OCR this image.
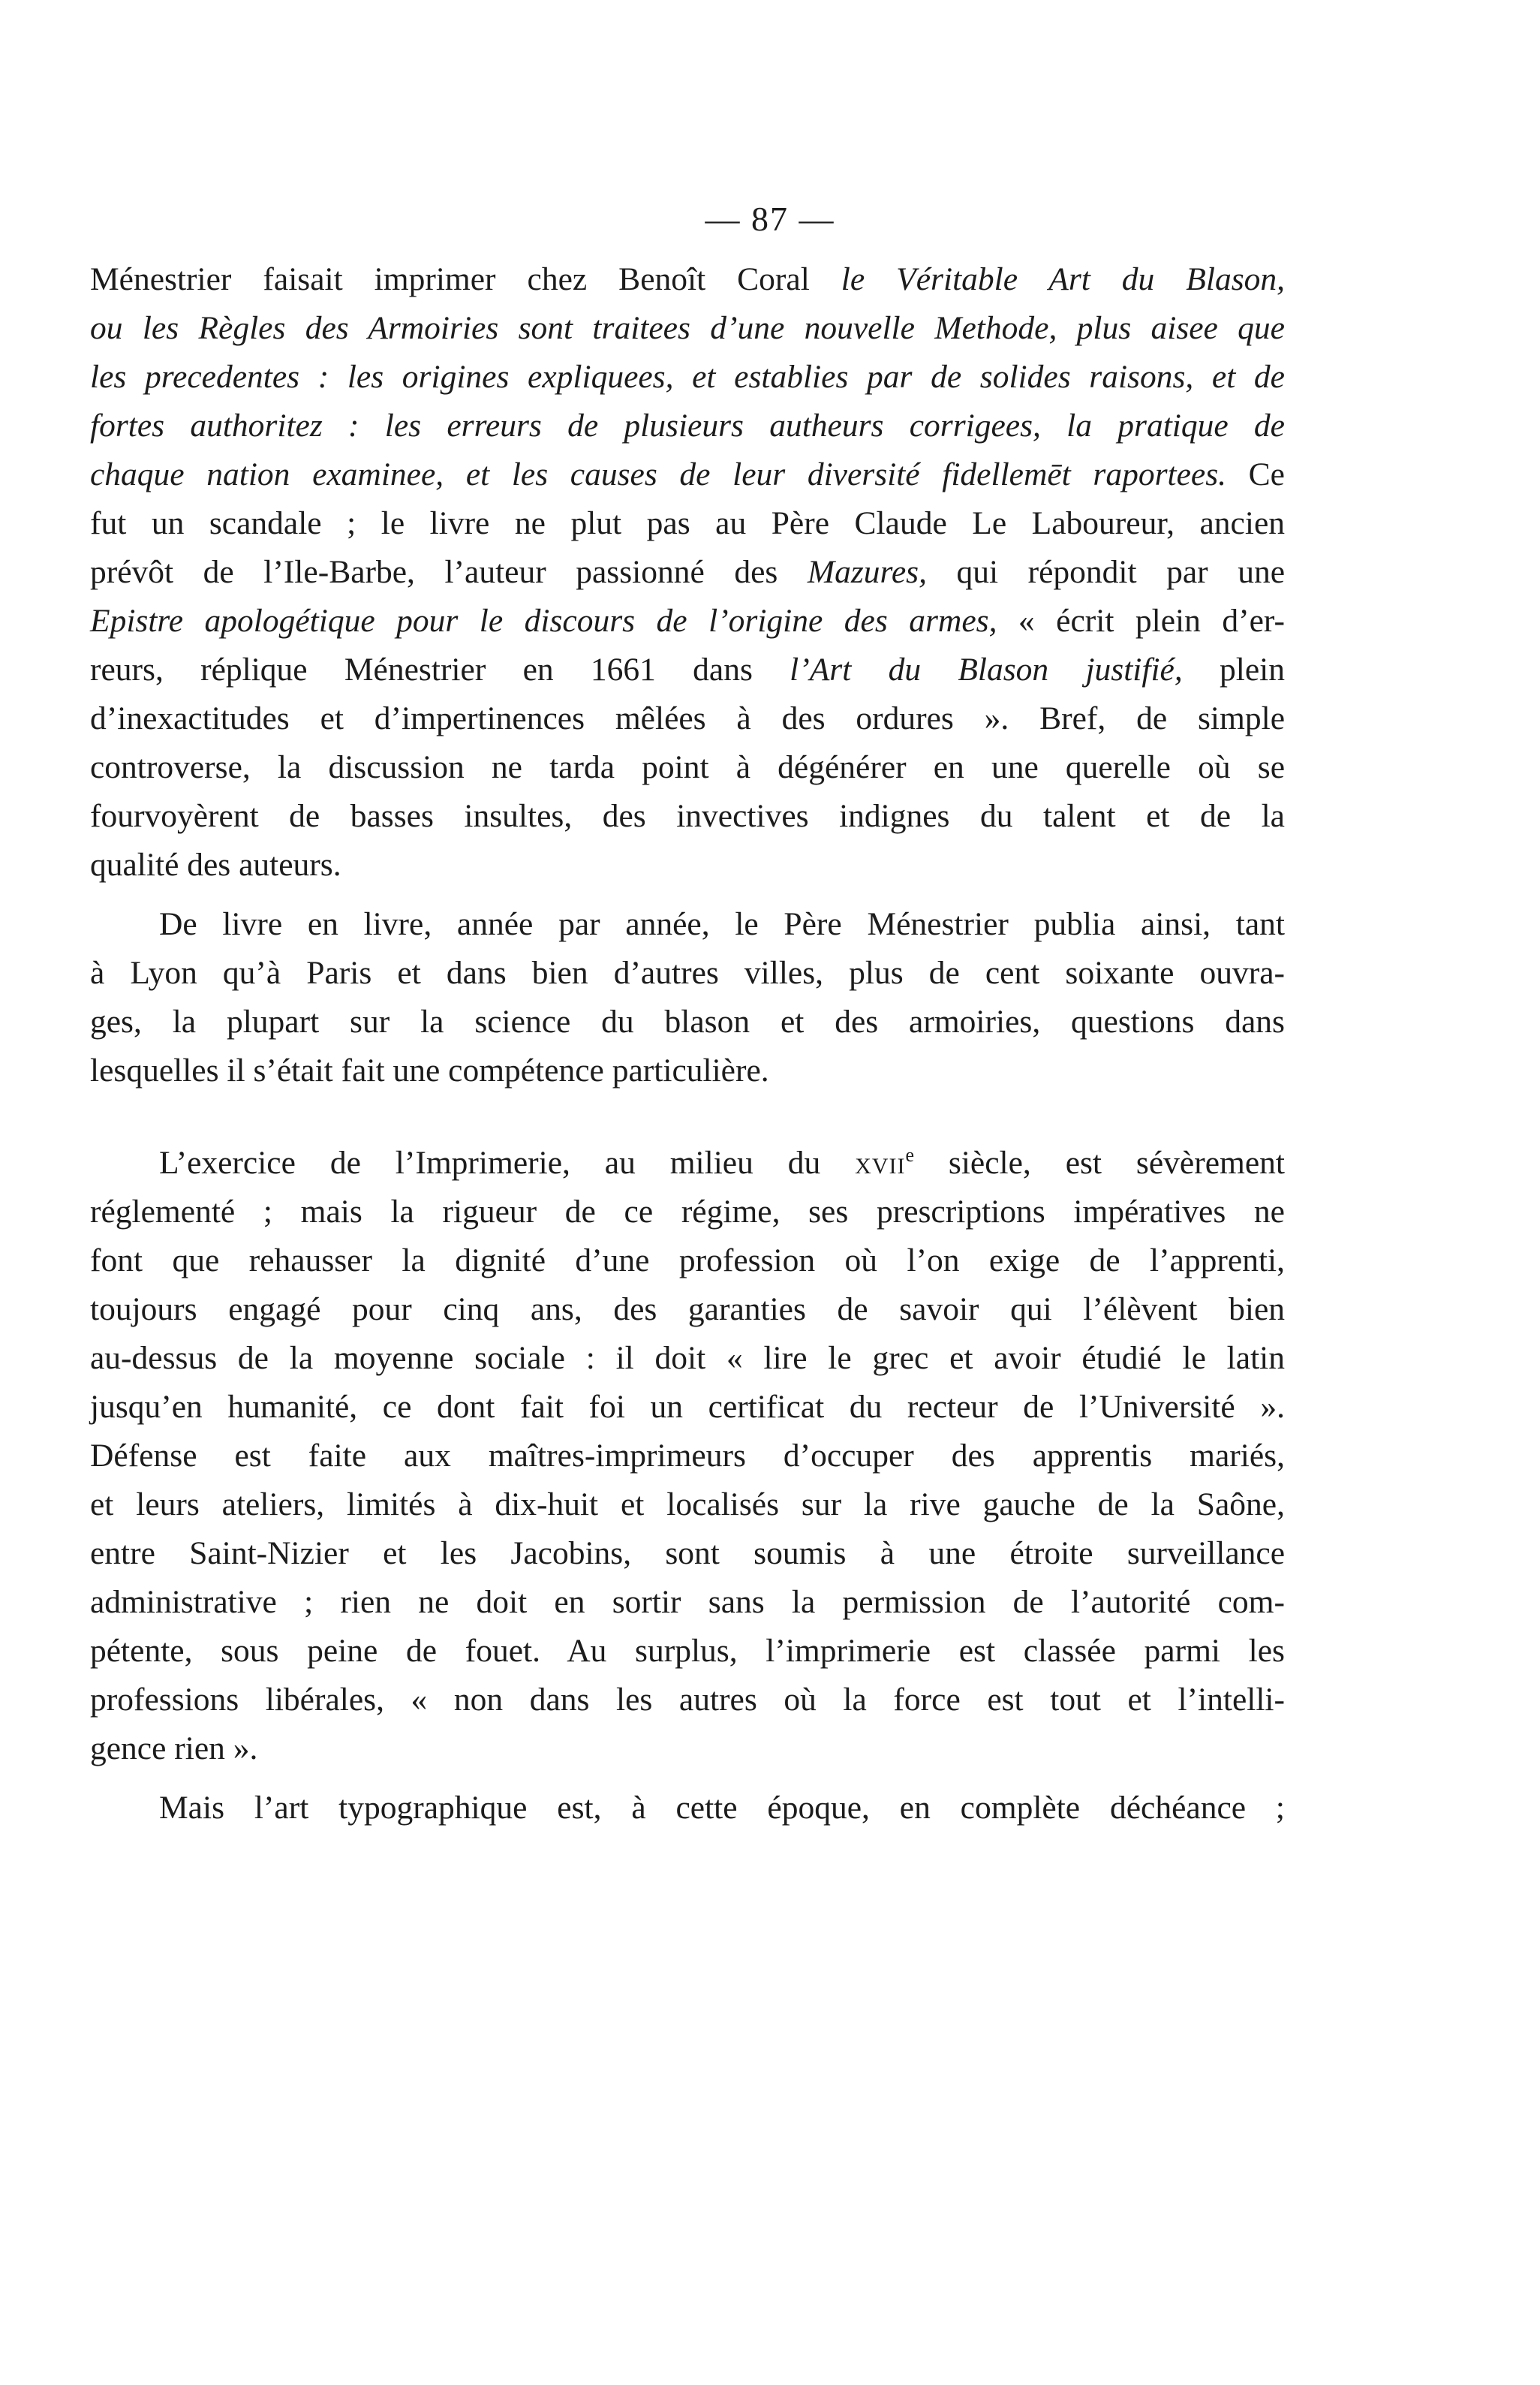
— 87 —
Ménestrier faisait imprimer chez Benoît Coral le Véritable Art du Blason,
ou les Règles des Armoiries sont traitees d’une nouvelle Methode, plus aisee que
les precedentes : les origines expliquees, et establies par de solides raisons, et de
fortes authoritez : les erreurs de plusieurs autheurs corrigees, la pratique de
chaque nation examinee, et les causes de leur diversité fidellemēt raportees. Ce
fut un scandale ; le livre ne plut pas au Père Claude Le Laboureur, ancien
prévôt de l’Ile-Barbe, l’auteur passionné des Mazures, qui répondit par une
Epistre apologétique pour le discours de l’origine des armes, « écrit plein d’er-
reurs, réplique Ménestrier en 1661 dans l’Art du Blason justifié, plein
d’inexactitudes et d’impertinences mêlées à des ordures ». Bref, de simple
controverse, la discussion ne tarda point à dégénérer en une querelle où se
fourvoyèrent de basses insultes, des invectives indignes du talent et de la
qualité des auteurs.
De livre en livre, année par année, le Père Ménestrier publia ainsi, tant
à Lyon qu’à Paris et dans bien d’autres villes, plus de cent soixante ouvra-
ges, la plupart sur la science du blason et des armoiries, questions dans
lesquelles il s’était fait une compétence particulière.
L’exercice de l’Imprimerie, au milieu du xvii$^e$ siècle, est sévèrement
réglementé ; mais la rigueur de ce régime, ses prescriptions impératives ne
font que rehausser la dignité d’une profession où l’on exige de l’apprenti,
toujours engagé pour cinq ans, des garanties de savoir qui l’élèvent bien
au-dessus de la moyenne sociale : il doit « lire le grec et avoir étudié le latin
jusqu’en humanité, ce dont fait foi un certificat du recteur de l’Université ».
Défense est faite aux maîtres-imprimeurs d’occuper des apprentis mariés,
et leurs ateliers, limités à dix-huit et localisés sur la rive gauche de la Saône,
entre Saint-Nizier et les Jacobins, sont soumis à une étroite surveillance
administrative ; rien ne doit en sortir sans la permission de l’autorité com-
pétente, sous peine de fouet. Au surplus, l’imprimerie est classée parmi les
professions libérales, « non dans les autres où la force est tout et l’intelli-
gence rien ».
Mais l’art typographique est, à cette époque, en complète déchéance ;
